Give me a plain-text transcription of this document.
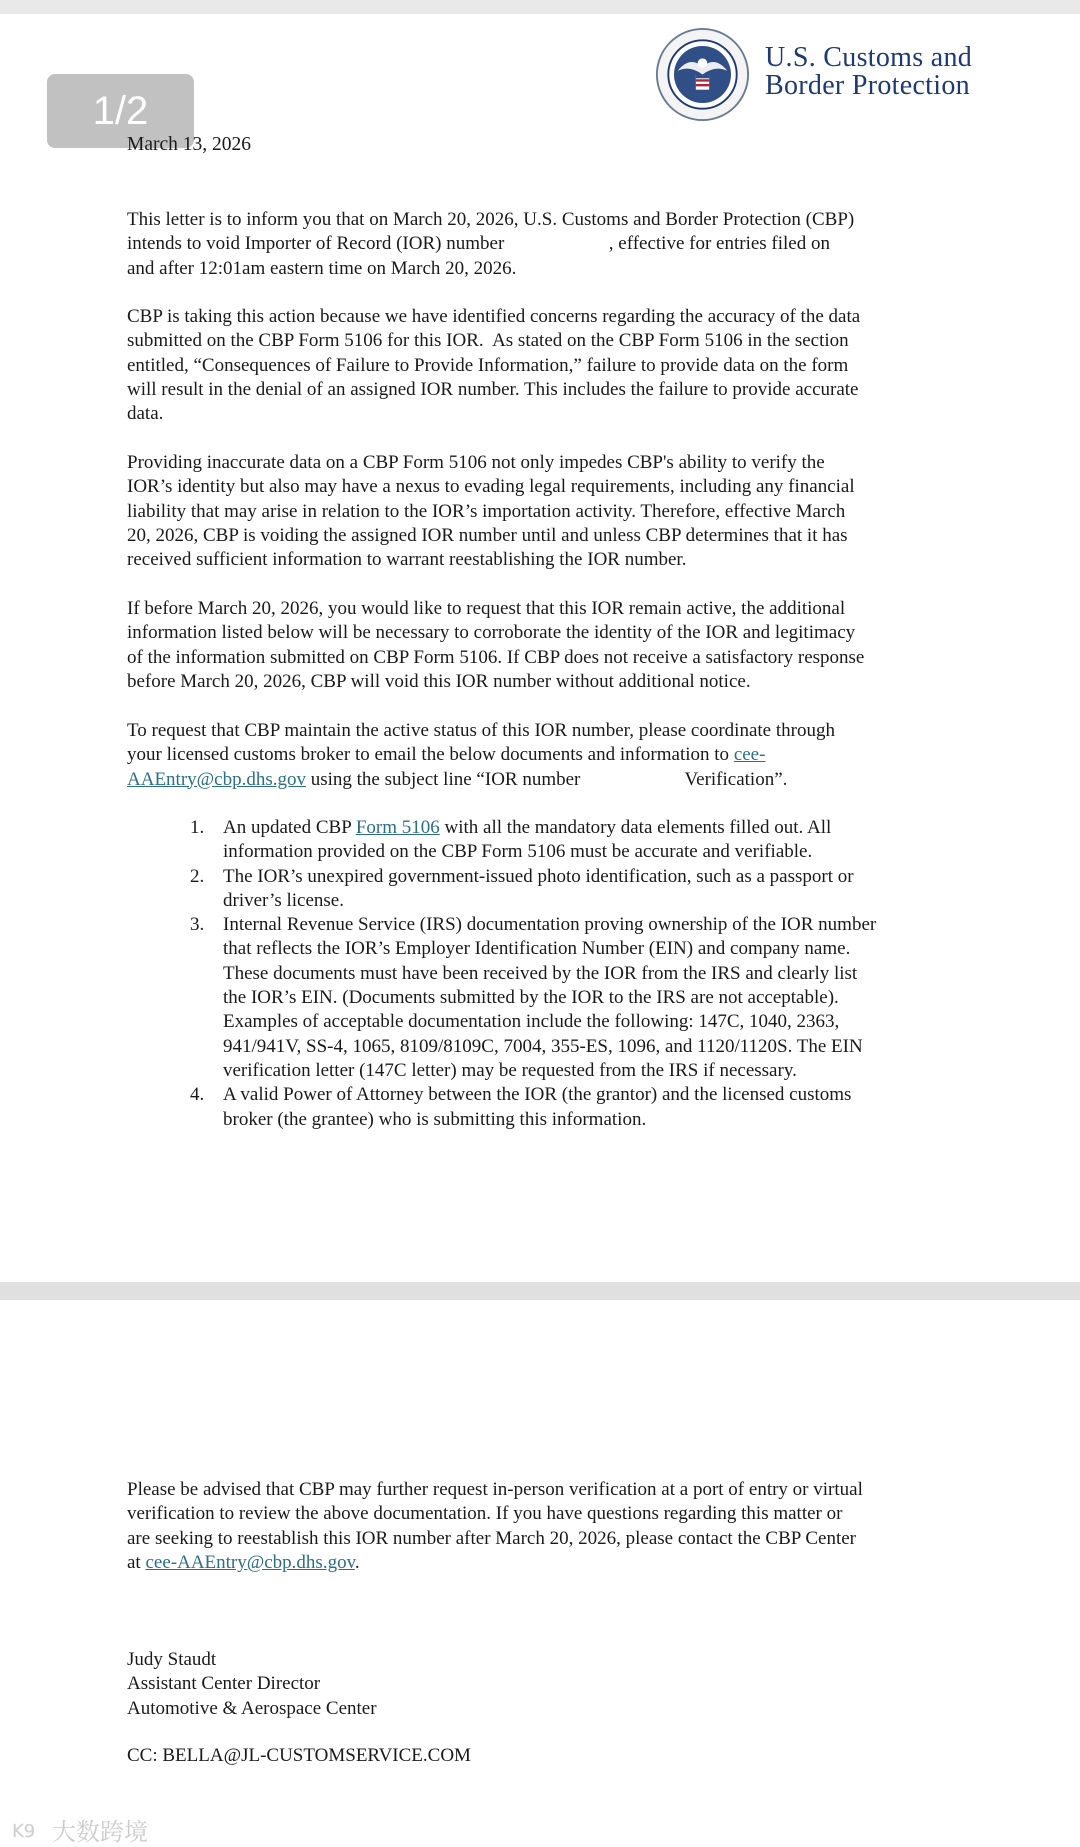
U.S. Customs and
Border Protection
1/2
March 13, 2026
This letter is to inform you that on March 20, 2026, U.S. Customs and Border Protection (CBP)
intends to void Importer of Record (IOR) number                      , effective for entries filed on
and after 12:01am eastern time on March 20, 2026.
CBP is taking this action because we have identified concerns regarding the accuracy of the data
submitted on the CBP Form 5106 for this IOR.  As stated on the CBP Form 5106 in the section
entitled, “Consequences of Failure to Provide Information,” failure to provide data on the form
will result in the denial of an assigned IOR number. This includes the failure to provide accurate
data.
Providing inaccurate data on a CBP Form 5106 not only impedes CBP's ability to verify the
IOR’s identity but also may have a nexus to evading legal requirements, including any financial
liability that may arise in relation to the IOR’s importation activity. Therefore, effective March
20, 2026, CBP is voiding the assigned IOR number until and unless CBP determines that it has
received sufficient information to warrant reestablishing the IOR number.
If before March 20, 2026, you would like to request that this IOR remain active, the additional
information listed below will be necessary to corroborate the identity of the IOR and legitimacy
of the information submitted on CBP Form 5106. If CBP does not receive a satisfactory response
before March 20, 2026, CBP will void this IOR number without additional notice.
To request that CBP maintain the active status of this IOR number, please coordinate through
your licensed customs broker to email the below documents and information to cee-
AAEntry@cbp.dhs.gov using the subject line “IOR number                      Verification”.
1. An updated CBP Form 5106 with all the mandatory data elements filled out. All
information provided on the CBP Form 5106 must be accurate and verifiable.
2. The IOR’s unexpired government-issued photo identification, such as a passport or
driver’s license.
3. Internal Revenue Service (IRS) documentation proving ownership of the IOR number
that reflects the IOR’s Employer Identification Number (EIN) and company name.
These documents must have been received by the IOR from the IRS and clearly list
the IOR’s EIN. (Documents submitted by the IOR to the IRS are not acceptable).
Examples of acceptable documentation include the following: 147C, 1040, 2363,
941/941V, SS-4, 1065, 8109/8109C, 7004, 355-ES, 1096, and 1120/1120S. The EIN
verification letter (147C letter) may be requested from the IRS if necessary.
4. A valid Power of Attorney between the IOR (the grantor) and the licensed customs
broker (the grantee) who is submitting this information.
Please be advised that CBP may further request in-person verification at a port of entry or virtual
verification to review the above documentation. If you have questions regarding this matter or
are seeking to reestablish this IOR number after March 20, 2026, please contact the CBP Center
at cee-AAEntry@cbp.dhs.gov.
Judy Staudt
Assistant Center Director
Automotive & Aerospace Center
CC: BELLA@JL-CUSTOMSERVICE.COM
K9 大数跨境
